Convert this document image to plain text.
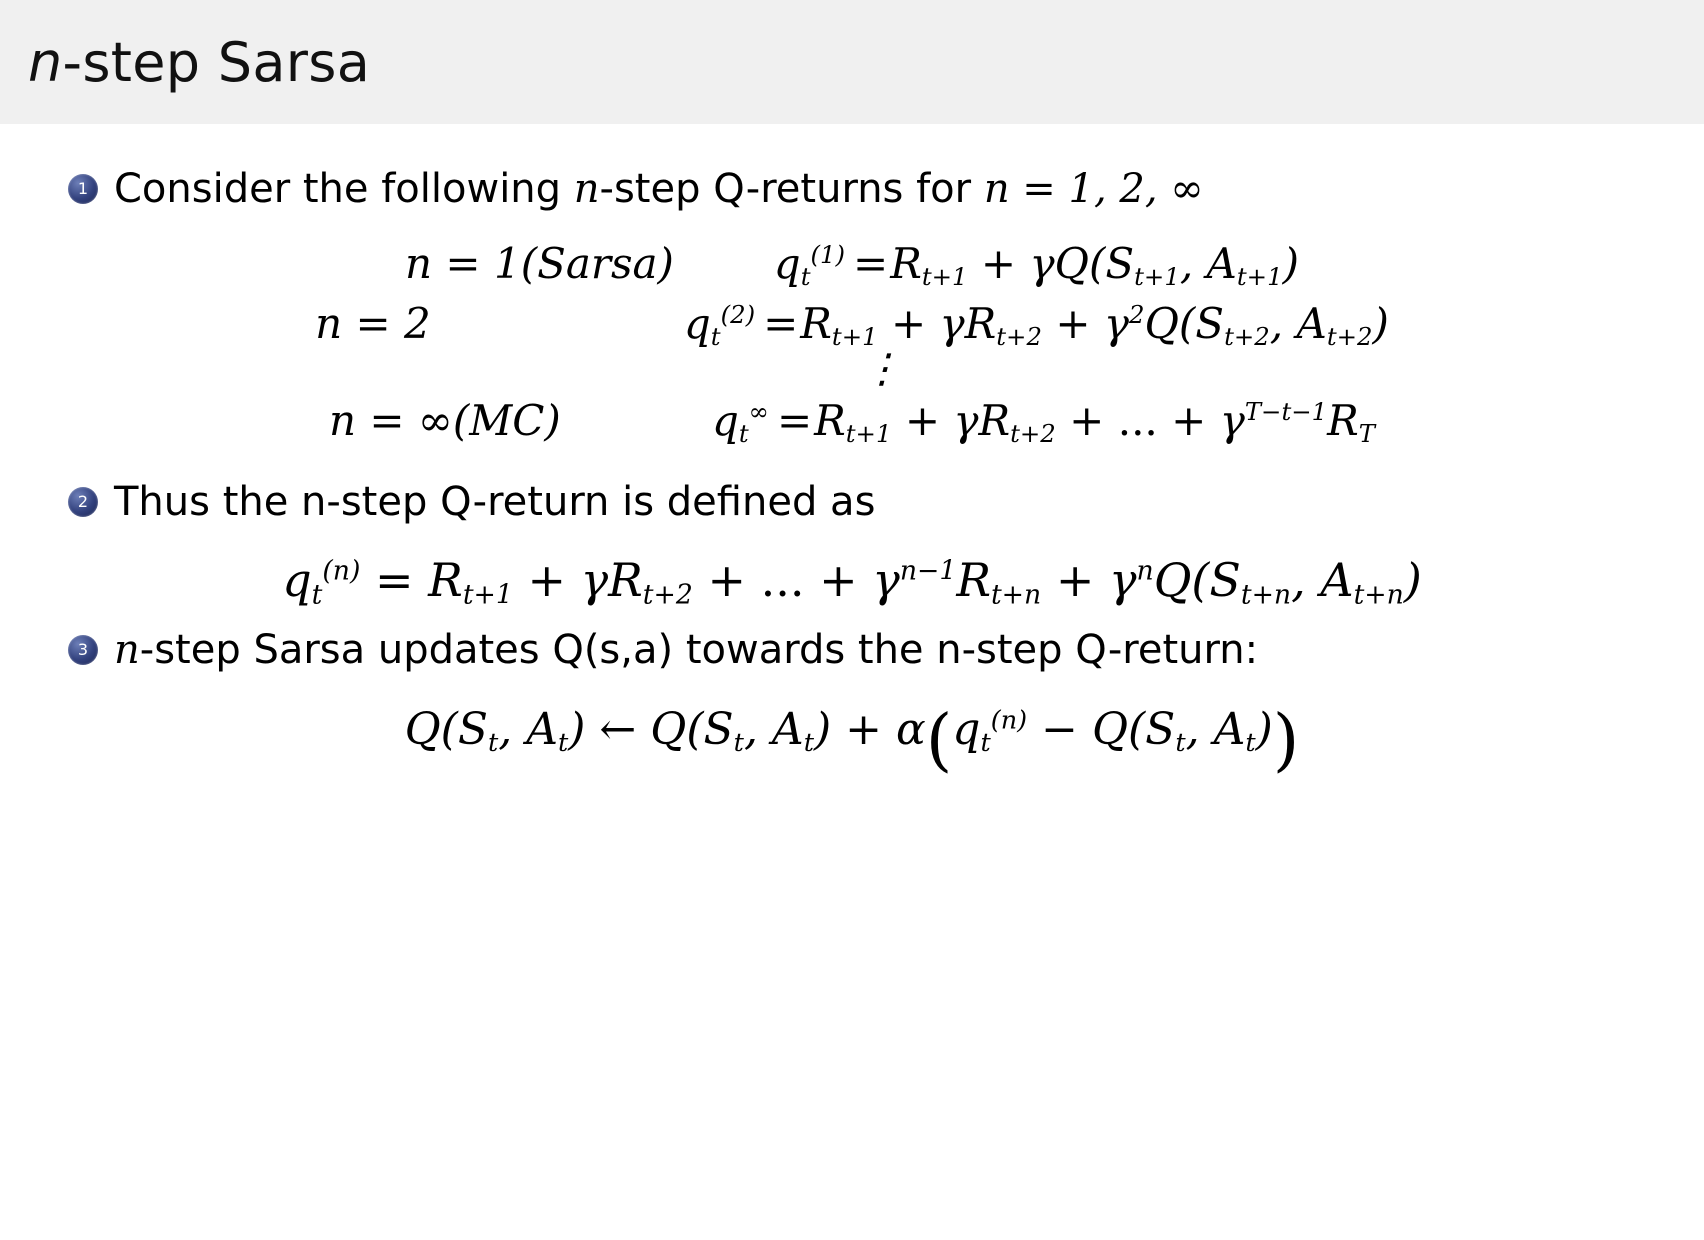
n-step Sarsa
1 Consider the following n-step Q-returns for n = 1, 2, ∞
n = 1(Sarsa)	$q_t^{(1)} = R_{t+1} + \gamma Q(S_{t+1}$, $A_{t+1}$)
n = 2	$q_t^{(2)} = R_{t+1} + \gamma R_{t+2} + \gamma^2Q(S_{t+2}$, $A_{t+2}$)
⋮
n = ∞(MC)	$q_t^\infty = R_{t+1} + \gamma R_{t+2}$ + ... + $\gamma^{T-t-1}R_T$
2 Thus the n-step Q-return is defined as
$q_t^{(n)} = R_{t+1} + \gamma R_{t+2}$ + ... + $\gamma^{n-1}R_{t+n} + \gamma^nQ(S_{t+n}$, $A_{t+n}$)
3 n-step Sarsa updates Q(s,a) towards the n-step Q-return:
$Q(S_t$, $A_t$) ← $Q(S_t$, $A_t) + \alpha(q_t^{(n)} - Q(S_t$, $A_t$))
